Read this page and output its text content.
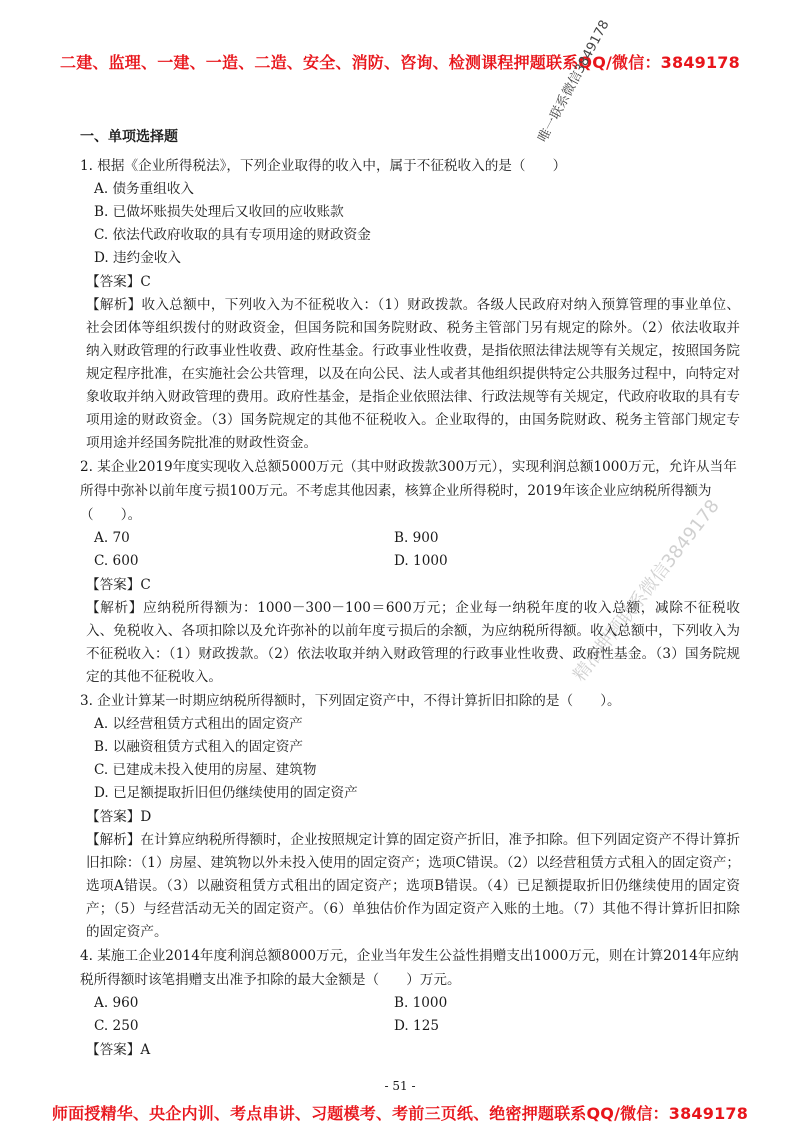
二建、监理、一建、一造、二造、安全、消防、咨询、检测课程押题联系QQ/微信：3849178
唯一联系微信3849178
精准押题联系微信3849178
一、单项选择题
1. 根据《企业所得税法》，下列企业取得的收入中，属于不征税收入的是（　　）
A. 债务重组收入
B. 已做坏账损失处理后又收回的应收账款
C. 依法代政府收取的具有专项用途的财政资金
D. 违约金收入
【答案】C
【解析】收入总额中，下列收入为不征税收入：（1）财政拨款。各级人民政府对纳入预算管理的事业单位、社会团体等组织拨付的财政资金，但国务院和国务院财政、税务主管部门另有规定的除外。（2）依法收取并纳入财政管理的行政事业性收费、政府性基金。行政事业性收费，是指依照法律法规等有关规定，按照国务院规定程序批准，在实施社会公共管理，以及在向公民、法人或者其他组织提供特定公共服务过程中，向特定对象收取并纳入财政管理的费用。政府性基金，是指企业依照法律、行政法规等有关规定，代政府收取的具有专项用途的财政资金。（3）国务院规定的其他不征税收入。企业取得的，由国务院财政、税务主管部门规定专项用途并经国务院批准的财政性资金。
2. 某企业2019年度实现收入总额5000万元（其中财政拨款300万元），实现利润总额1000万元，允许从当年所得中弥补以前年度亏损100万元。不考虑其他因素，核算企业所得税时，2019年该企业应纳税所得额为（　　）。
A. 70	B. 900
C. 600	D. 1000
【答案】C
【解析】应纳税所得额为：1000－300－100＝600万元；企业每一纳税年度的收入总额，减除不征税收入、免税收入、各项扣除以及允许弥补的以前年度亏损后的余额，为应纳税所得额。收入总额中，下列收入为不征税收入：（1）财政拨款。（2）依法收取并纳入财政管理的行政事业性收费、政府性基金。（3）国务院规定的其他不征税收入。
3. 企业计算某一时期应纳税所得额时，下列固定资产中，不得计算折旧扣除的是（　　）。
A. 以经营租赁方式租出的固定资产
B. 以融资租赁方式租入的固定资产
C. 已建成未投入使用的房屋、建筑物
D. 已足额提取折旧但仍继续使用的固定资产
【答案】D
【解析】在计算应纳税所得额时，企业按照规定计算的固定资产折旧，准予扣除。但下列固定资产不得计算折旧扣除：（1）房屋、建筑物以外未投入使用的固定资产；选项C错误。（2）以经营租赁方式租入的固定资产；选项A错误。（3）以融资租赁方式租出的固定资产；选项B错误。（4）已足额提取折旧仍继续使用的固定资产；（5）与经营活动无关的固定资产。（6）单独估价作为固定资产入账的土地。（7）其他不得计算折旧扣除的固定资产。
4. 某施工企业2014年度利润总额8000万元，企业当年发生公益性捐赠支出1000万元，则在计算2014年应纳税所得额时该笔捐赠支出准予扣除的最大金额是（　　）万元。
A. 960	B. 1000
C. 250	D. 125
【答案】A
- 51 -
师面授精华、央企内训、考点串讲、习题模考、考前三页纸、绝密押题联系QQ/微信：3849178
